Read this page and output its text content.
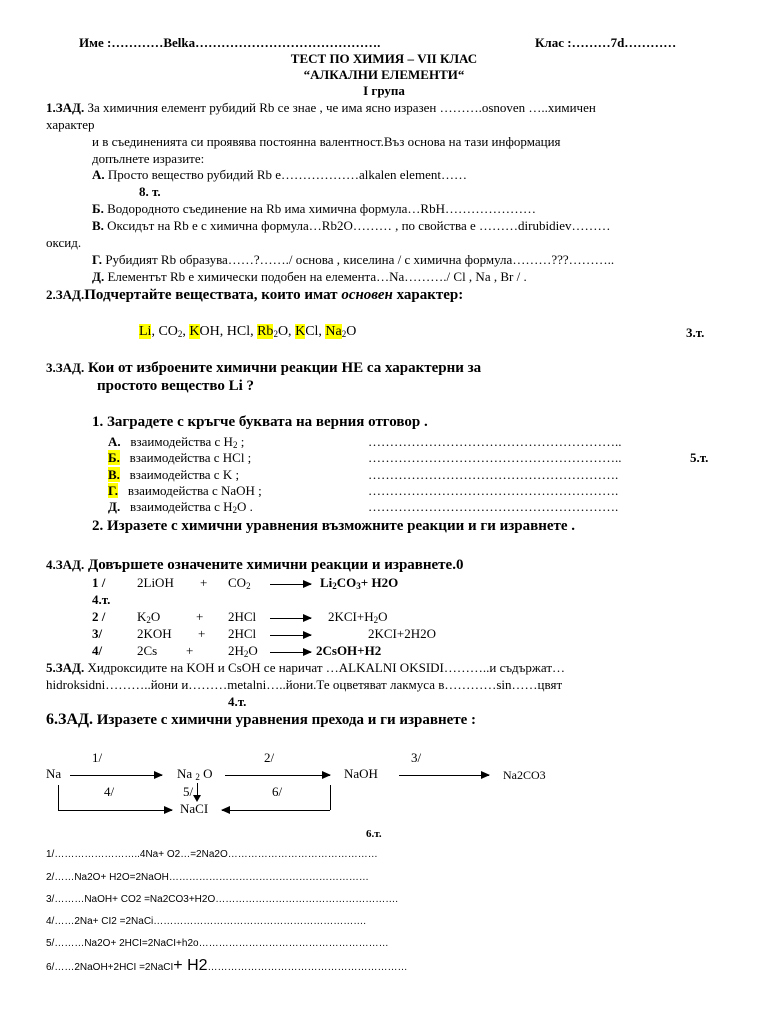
Име :…………Belka…………………………………….	Клас :………7d…………
ТЕСТ ПО ХИМИЯ – VII КЛАС
“АЛКАЛНИ ЕЛЕМЕНТИ“
I група
1.ЗАД. За химичния елемент рубидий Rb се знае , че има ясно изразен ……….osnoven …..химичен
характер
и в съединенията си проявява постоянна валентност.Въз основа на тази информация
допълнете изразите:
А. Просто вещество рубидий Rb е………………alkalen element……
8. т.
Б. Водородното съединение на Rb има химична формула…RbH…………………
В. Оксидът на Rb е с химична формула…Rb2O……… , по свойства е ………dirubidiev………
оксид.
Г. Рубидият Rb образува……?……./ основа , киселина / с химична формула………???………..
Д. Елементът Rb е химически подобен на елемента…Na………./ Cl , Na , Br / .
2.ЗАД.Подчертайте веществата, които имат основен характер:
Li, $CO_2$, KOH, HCl, $Rb_2O$, KCl, $Na_2O$	3.т.
3.ЗАД. Кои от изброените химични реакции НЕ са характерни за
простото вещество Li ?
1. Заградете с кръгче буквата на верния отговор .
А. взаимодейства с $H_2$ ;	…………………………………………………..
Б. взаимодейства с HCl ;	…………………………………………………..	5.т.
В. взаимодейства с K ;	………………………………………………….
Г. взаимодейства с NaOH ;	………………………………………………….
Д. взаимодейства с $H_2O$ .	………………………………………………….
2. Изразете с химични уравнения възможните реакции и ги изравнете .
4.ЗАД. Довършете означените химични реакции и изравнете.0
1 / 2LiOH + $CO_2$	$Li_2CO_3+ H2O$
4.т.
$2 / K_2O$	+ 2HCl	$2KCI+H_2O$
3/	2KOH + 2HCl	2KCI+2H2O
4/	2Cs +	$2H_2O$	2CsOH+H2
5.ЗАД. Хидроксидите на KOH и CsOH се наричат …ALKALNI OKSIDI………..и съдържат…
hidroksidni………..йони и………metalni…..йони.Те оцветяват лакмуса в…………sin……цвят
4.т.
6.ЗАД. Изразете с химични уравнения прехода и ги изравнете :
1/	2/	3/
Na	Na $_2$ O	NaOH	Na2CO3
4/	5/	6/
NaCI
6.т.
1/……………………..4Na+ O2…=2Na2O………………………………………
2/……Na2O+ H2O=2NaOH……………………………………………………
3/………NaOH+ CO2 =Na2CO3+H2O……………………………………………….
4/……2Na+ CI2 =2NaCi……………………………………………………….
5/………Na2O+ 2HCI=2NaCI+h2o…………………………………………………
6/……2NaOH+2HCI =2NaCI+ H2……………………………………………………
